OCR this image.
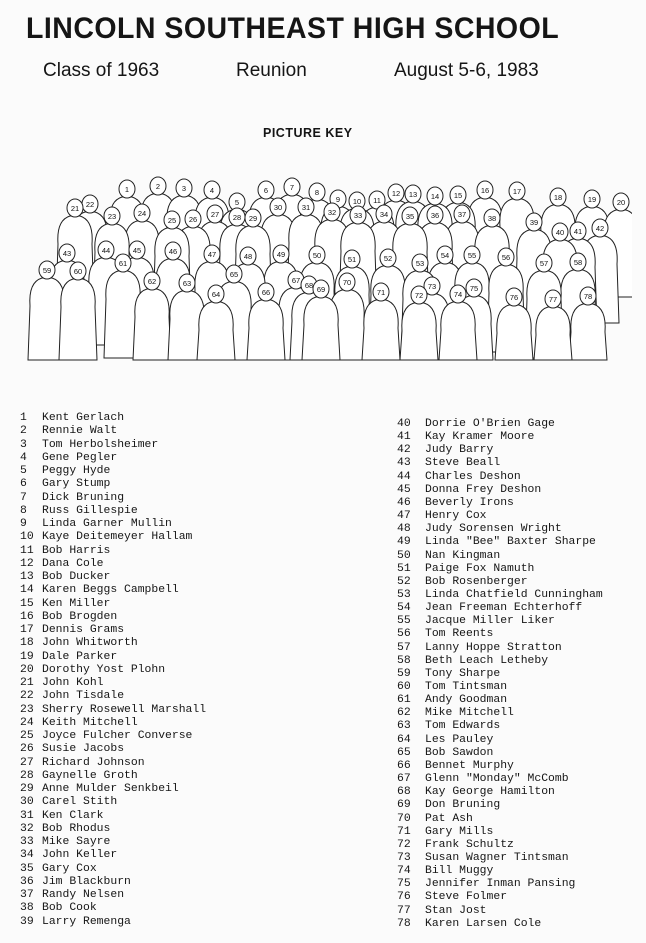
LINCOLN SOUTHEAST HIGH SCHOOL
Class of 1963	Reunion	August 5-6, 1983
PICTURE KEY
2	7
3
1	4	6	16	17
8	12 13	15
14	18
9	19
11
10
5	20
22	30	31
21	32
24	27	34	37
33	36
23	35
28 29	38
26
25	39
42
41
40
44	45	46
43	47	49	50	54 55
48	56
52
51	58
53	57
61
59	60	65
67
62	70
63	68	73	75
69
66	71
64	74
72	78
76	77
1 Kent Gerlach
2 Rennie Walt
3 Tom Herbolsheimer
4 Gene Pegler
5 Peggy Hyde
6 Gary Stump
7 Dick Bruning
8 Russ Gillespie
9 Linda Garner Mullin
10 Kaye Deitemeyer Hallam
11 Bob Harris
12 Dana Cole
13 Bob Ducker
14 Karen Beggs Campbell
15 Ken Miller
16 Bob Brogden
17 Dennis Grams
18 John Whitworth
19 Dale Parker
20 Dorothy Yost Plohn
21 John Kohl
22 John Tisdale
23 Sherry Rosewell Marshall
24 Keith Mitchell
25 Joyce Fulcher Converse
26 Susie Jacobs
27 Richard Johnson
28 Gaynelle Groth
29 Anne Mulder Senkbeil
30 Carel Stith
31 Ken Clark
32 Bob Rhodus
33 Mike Sayre
34 John Keller
35 Gary Cox
36 Jim Blackburn
37 Randy Nelsen
38 Bob Cook
39 Larry Remenga
40 Dorrie O'Brien Gage
41 Kay Kramer Moore
42 Judy Barry
43 Steve Beall
44 Charles Deshon
45 Donna Frey Deshon
46 Beverly Irons
47 Henry Cox
48 Judy Sorensen Wright
49 Linda "Bee" Baxter Sharpe
50 Nan Kingman
51 Paige Fox Namuth
52 Bob Rosenberger
53 Linda Chatfield Cunningham
54 Jean Freeman Echterhoff
55 Jacque Miller Liker
56 Tom Reents
57 Lanny Hoppe Stratton
58 Beth Leach Letheby
59 Tony Sharpe
60 Tom Tintsman
61 Andy Goodman
62 Mike Mitchell
63 Tom Edwards
64 Les Pauley
65 Bob Sawdon
66 Bennet Murphy
67 Glenn "Monday" McComb
68 Kay George Hamilton
69 Don Bruning
70 Pat Ash
71 Gary Mills
72 Frank Schultz
73 Susan Wagner Tintsman
74 Bill Muggy
75 Jennifer Inman Pansing
76 Steve Folmer
77 Stan Jost
78 Karen Larsen Cole
